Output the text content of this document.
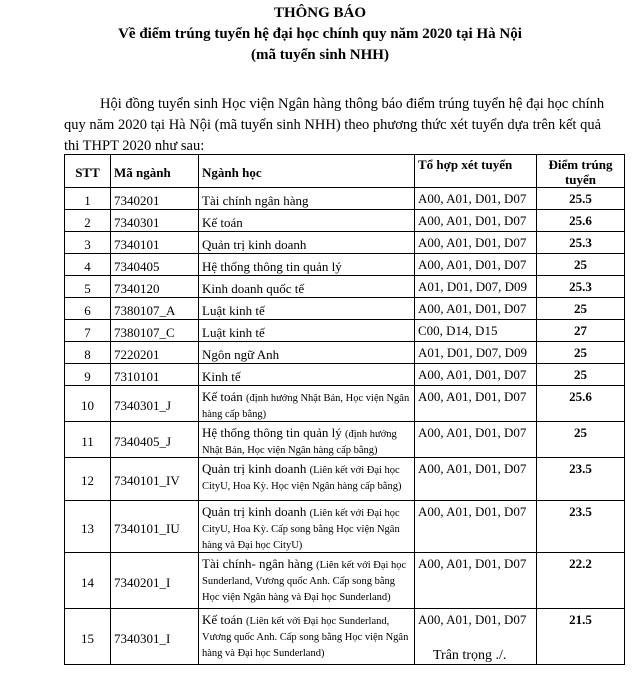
THÔNG BÁO
Về điểm trúng tuyển hệ đại học chính quy năm 2020 tại Hà Nội
(mã tuyển sinh NHH)
Hội đồng tuyển sinh Học viện Ngân hàng thông báo điểm trúng tuyển hệ đại học chính quy năm 2020 tại Hà Nội (mã tuyển sinh NHH) theo phương thức xét tuyển dựa trên kết quả thi THPT 2020 như sau:
STT	Mã ngành	Ngành học	Tổ hợp xét tuyển	Điểm trúng tuyển
1	7340201	Tài chính ngân hàng	A00, A01, D01, D07	25.5
2	7340301	Kế toán	A00, A01, D01, D07	25.6
3	7340101	Quản trị kinh doanh	A00, A01, D01, D07	25.3
4	7340405	Hệ thống thông tin quản lý	A00, A01, D01, D07	25
5	7340120	Kinh doanh quốc tế	A01, D01, D07, D09	25.3
6	7380107_A	Luật kinh tế	A00, A01, D01, D07	25
7	7380107_C	Luật kinh tế	C00, D14, D15	27
8	7220201	Ngôn ngữ Anh	A01, D01, D07, D09	25
9	7310101	Kinh tế	A00, A01, D01, D07	25
10	7340301_J	Kế toán (định hướng Nhật Bản, Học viện Ngân hàng cấp bằng)	A00, A01, D01, D07	25.6
11	7340405_J	Hệ thống thông tin quản lý (định hướng Nhật Bản, Học viện Ngân hàng cấp bằng)	A00, A01, D01, D07	25
12	7340101_IV	Quản trị kinh doanh (Liên kết với Đại học CityU, Hoa Kỳ. Học viện Ngân hàng cấp bằng)	A00, A01, D01, D07	23.5
13	7340101_IU	Quản trị kinh doanh (Liên kết với Đại học CityU, Hoa Kỳ. Cấp song bằng Học viện Ngân hàng và Đại học CityU)	A00, A01, D01, D07	23.5
14	7340201_I	Tài chính- ngân hàng (Liên kết với Đại học Sunderland, Vương quốc Anh. Cấp song bằng Học viện Ngân hàng và Đại học Sunderland)	A00, A01, D01, D07	22.2
15	7340301_I	Kế toán (Liên kết với Đại học Sunderland, Vương quốc Anh. Cấp song bằng Học viện Ngân hàng và Đại học Sunderland)	A00, A01, D01, D07	21.5
Trân trọng ./.
